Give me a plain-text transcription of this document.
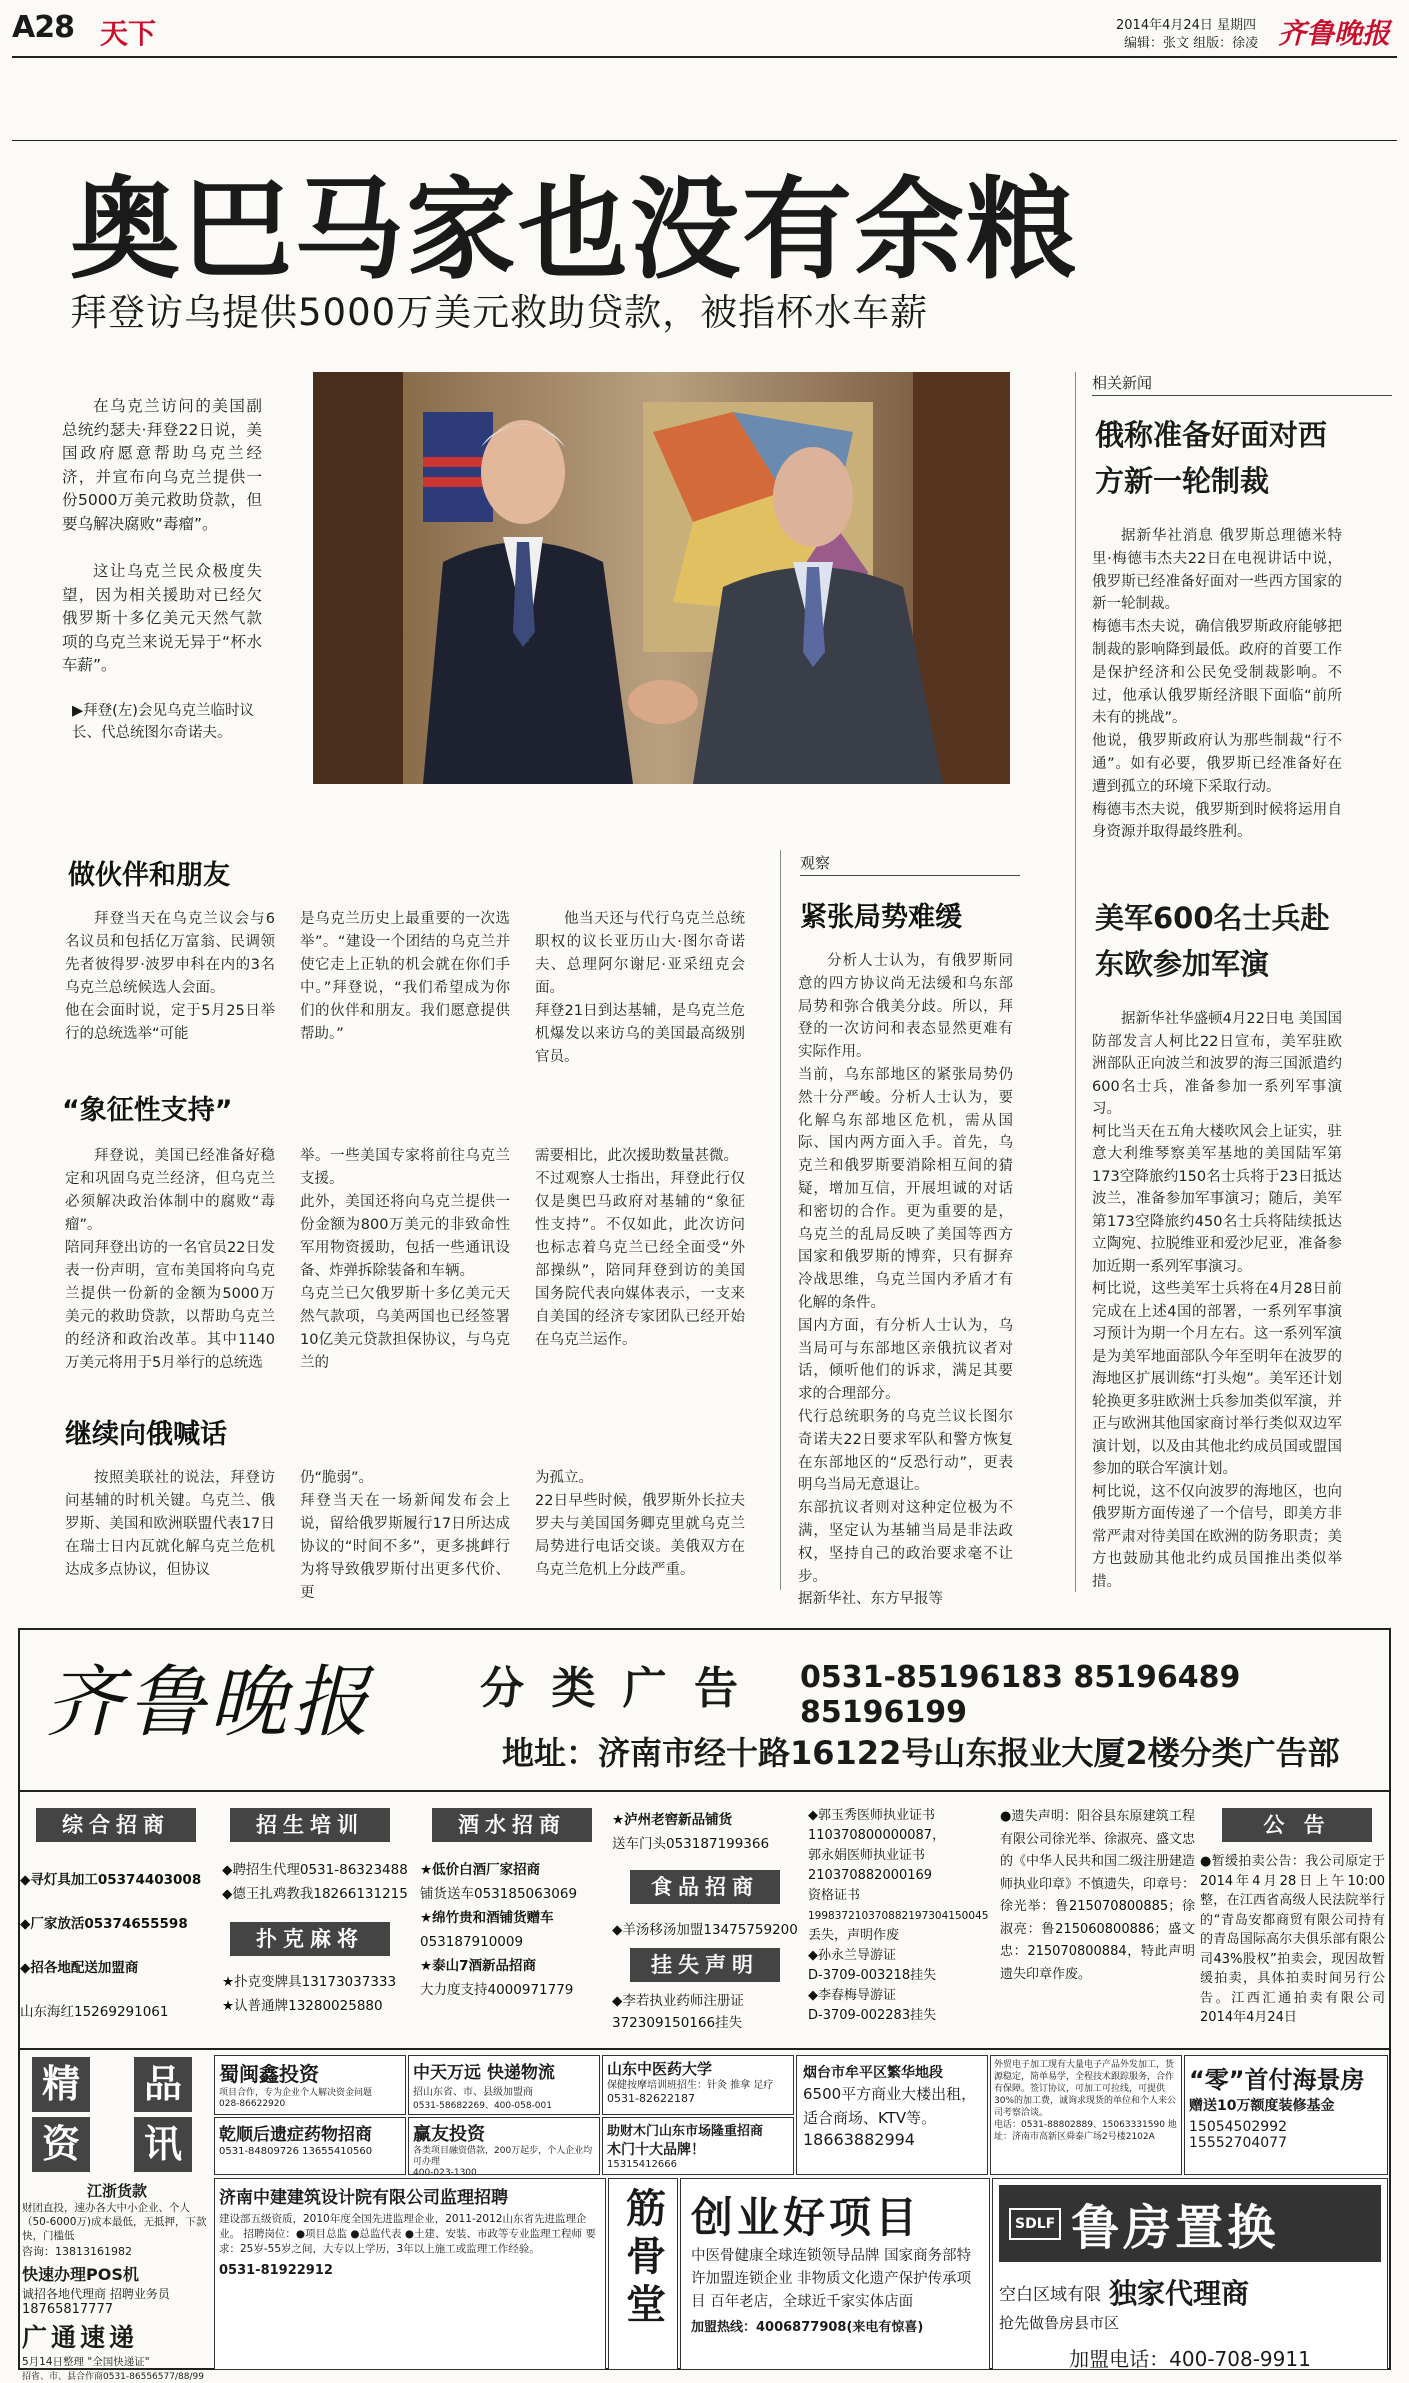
A28 天下	2014年4月24日 星期四
编辑：张文 组版：徐凌 齐鲁晚报
奥巴马家也没有余粮
拜登访乌提供5000万美元救助贷款，被指杯水车薪
在乌克兰访问的美国副总统约瑟夫·拜登22日说，美国政府愿意帮助乌克兰经济，并宣布向乌克兰提供一份5000万美元救助贷款，但要乌解决腐败“毒瘤”。
这让乌克兰民众极度失望，因为相关援助对已经欠俄罗斯十多亿美元天然气款项的乌克兰来说无异于“杯水车薪”。
▶拜登(左)会见乌克兰临时议长、代总统图尔奇诺夫。
做伙伴和朋友
拜登当天在乌克兰议会与6名议员和包括亿万富翁、民调领先者彼得罗·波罗申科在内的3名乌克兰总统候选人会面。
他在会面时说，定于5月25日举行的总统选举“可能
是乌克兰历史上最重要的一次选举”。“建设一个团结的乌克兰并使它走上正轨的机会就在你们手中。”拜登说，“我们希望成为你们的伙伴和朋友。我们愿意提供帮助。”
他当天还与代行乌克兰总统职权的议长亚历山大·图尔奇诺夫、总理阿尔谢尼·亚采纽克会面。
拜登21日到达基辅，是乌克兰危机爆发以来访乌的美国最高级别官员。
“象征性支持”
拜登说，美国已经准备好稳定和巩固乌克兰经济，但乌克兰必须解决政治体制中的腐败“毒瘤”。
陪同拜登出访的一名官员22日发表一份声明，宣布美国将向乌克兰提供一份新的金额为5000万美元的救助贷款，以帮助乌克兰的经济和政治改革。其中1140万美元将用于5月举行的总统选
举。一些美国专家将前往乌克兰支援。
此外，美国还将向乌克兰提供一份金额为800万美元的非致命性军用物资援助，包括一些通讯设备、炸弹拆除装备和车辆。
乌克兰已欠俄罗斯十多亿美元天然气款项，乌美两国也已经签署10亿美元贷款担保协议，与乌克兰的
需要相比，此次援助数量甚微。
不过观察人士指出，拜登此行仅仅是奥巴马政府对基辅的“象征性支持”。不仅如此，此次访问也标志着乌克兰已经全面受“外部操纵”，陪同拜登到访的美国国务院代表向媒体表示，一支来自美国的经济专家团队已经开始在乌克兰运作。
继续向俄喊话
按照美联社的说法，拜登访问基辅的时机关键。乌克兰、俄罗斯、美国和欧洲联盟代表17日在瑞士日内瓦就化解乌克兰危机达成多点协议，但协议
仍“脆弱”。
拜登当天在一场新闻发布会上说，留给俄罗斯履行17日所达成协议的“时间不多”，更多挑衅行为将导致俄罗斯付出更多代价、更
为孤立。
22日早些时候，俄罗斯外长拉夫罗夫与美国国务卿克里就乌克兰局势进行电话交谈。美俄双方在乌克兰危机上分歧严重。
观察
紧张局势难缓
分析人士认为，有俄罗斯同意的四方协议尚无法缓和乌东部局势和弥合俄美分歧。所以，拜登的一次访问和表态显然更难有实际作用。
当前，乌东部地区的紧张局势仍然十分严峻。分析人士认为，要化解乌东部地区危机，需从国际、国内两方面入手。首先，乌克兰和俄罗斯要消除相互间的猜疑，增加互信，开展坦诚的对话和密切的合作。更为重要的是，乌克兰的乱局反映了美国等西方国家和俄罗斯的博弈，只有摒弃冷战思维，乌克兰国内矛盾才有化解的条件。
国内方面，有分析人士认为，乌当局可与东部地区亲俄抗议者对话，倾听他们的诉求，满足其要求的合理部分。
代行总统职务的乌克兰议长图尔奇诺夫22日要求军队和警方恢复在东部地区的“反恐行动”，更表明乌当局无意退让。
东部抗议者则对这种定位极为不满，坚定认为基辅当局是非法政权，坚持自己的政治要求毫不让步。
据新华社、东方早报等
相关新闻
俄称准备好面对西方新一轮制裁
据新华社消息 俄罗斯总理德米特里·梅德韦杰夫22日在电视讲话中说，俄罗斯已经准备好面对一些西方国家的新一轮制裁。
梅德韦杰夫说，确信俄罗斯政府能够把制裁的影响降到最低。政府的首要工作是保护经济和公民免受制裁影响。不过，他承认俄罗斯经济眼下面临“前所未有的挑战”。
他说，俄罗斯政府认为那些制裁“行不通”。如有必要，俄罗斯已经准备好在遭到孤立的环境下采取行动。
梅德韦杰夫说，俄罗斯到时候将运用自身资源并取得最终胜利。
美军600名士兵赴东欧参加军演
据新华社华盛顿4月22日电 美国国防部发言人柯比22日宣布，美军驻欧洲部队正向波兰和波罗的海三国派遣约600名士兵，准备参加一系列军事演习。
柯比当天在五角大楼吹风会上证实，驻意大利维琴察美军基地的美国陆军第173空降旅约150名士兵将于23日抵达波兰，准备参加军事演习；随后，美军第173空降旅约450名士兵将陆续抵达立陶宛、拉脱维亚和爱沙尼亚，准备参加近期一系列军事演习。
柯比说，这些美军士兵将在4月28日前完成在上述4国的部署，一系列军事演习预计为期一个月左右。这一系列军演是为美军地面部队今年至明年在波罗的海地区扩展训练“打头炮”。美军还计划轮换更多驻欧洲士兵参加类似军演，并正与欧洲其他国家商讨举行类似双边军演计划，以及由其他北约成员国或盟国参加的联合军演计划。
柯比说，这不仅向波罗的海地区，也向俄罗斯方面传递了一个信号，即美方非常严肃对待美国在欧洲的防务职责；美方也鼓励其他北约成员国推出类似举措。
齐鲁晚报 分 类 广 告 0531-85196183 85196489 85196199
地址：济南市经十路16122号山东报业大厦2楼分类广告部
综合招商
◆寻灯具加工05374403008
◆厂家放活05374655598
◆招各地配送加盟商
山东海红15269291061
招生培训
◆聘招生代理0531-86323488
◆德王扎鸡教我18266131215
扑克麻将
★扑克变牌具13173037333
★认普通牌13280025880
酒水招商
★低价白酒厂家招商
铺货送车053185063069
★绵竹贵和酒铺货赠车
053187910009
★泰山7酒新品招商
大力度支持4000971779
★泸州老窖新品铺货
送车门头053187199366
食品招商
◆羊汤移汤加盟13475759200
挂失声明
◆李若执业药师注册证
372309150166挂失
◆郭玉秀医师执业证书
110370800000087，
郭永娟医师执业证书
210370882000169
资格证书
199837210370882197304150045
丢失，声明作废
◆孙永兰导游证
D-3709-003218挂失
◆李春梅导游证
D-3709-002283挂失
●遗失声明：阳谷县东原建筑工程有限公司徐光举、徐淑亮、盛文忠的《中华人民共和国二级注册建造师执业印章》不慎遗失，印章号：徐光举：鲁215070800885；徐淑亮：鲁215060800886；盛文忠：215070800884，特此声明遗失印章作废。
公 告
●暂缓拍卖公告：我公司原定于2014年4月28日上午10:00整，在江西省高级人民法院举行的“青岛安都商贸有限公司持有的青岛国际高尔夫俱乐部有限公司43%股权”拍卖会，现因故暂缓拍卖，具体拍卖时间另行公告。江西汇通拍卖有限公司2014年4月24日
精 品
资 讯
江浙货款
财团直投，速办各大中小企业、个人（50-6000万)成本最低，无抵押，下款快，门槛低
咨询：13813161982
快速办理POS机
诚招各地代理商 招聘业务员
18765817777
广通速递
5月14日整理 "全国快递证"
招省、市、县合作商0531-86556577/88/99
蜀闽鑫投资
项目合作，专为企业个人解决资金问题
028-86622920
乾顺后遗症药物招商
0531-84809726 13655410560
中天万远 快递物流
招山东省、市、县级加盟商
0531-58682269、400-058-001
赢友投资
各类项目融资借款，200万起步，个人企业均可办理
400-023-1300
山东中医药大学
保健按摩培训班招生：针灸 推拿 足疗
0531-82622187
助财木门山东市场隆重招商
木门十大品牌！
15315412666
烟台市牟平区繁华地段
6500平方商业大楼出租，适合商场、KTV等。
18663882994
外贸电子加工现有大量电子产品外发加工，货源稳定，简单易学，全程技术跟踪服务，合作有保障。签订协议，可加工可拉线，可提供30%的加工费，诚询求现货的单位和个人来公司考察洽谈。
电话：0531-88802889、15063331590 地址：济南市高新区舜泰广场2号楼2102A
“零”首付海景房
赠送10万额度装修基金
15054502992
15552704077
济南中建建筑设计院有限公司监理招聘
建设部五级资质，2010年度全国先进监理企业，2011-2012山东省先进监理企业。 招聘岗位：●项目总监 ●总监代表 ●土建、安装、市政等专业监理工程师 要求：25岁-55岁之间，大专以上学历，3年以上施工或监理工作经验。
0531-81922912	筋骨堂 创业好项目
中医骨健康全球连锁领导品牌 国家商务部特许加盟连锁企业 非物质文化遗产保护传承项目 百年老店，全球近千家实体店面
加盟热线：4006877908(来电有惊喜)
SDLF 鲁房置换
空白区域有限 独家代理商
抢先做鲁房县市区
加盟电话：400-708-9911
